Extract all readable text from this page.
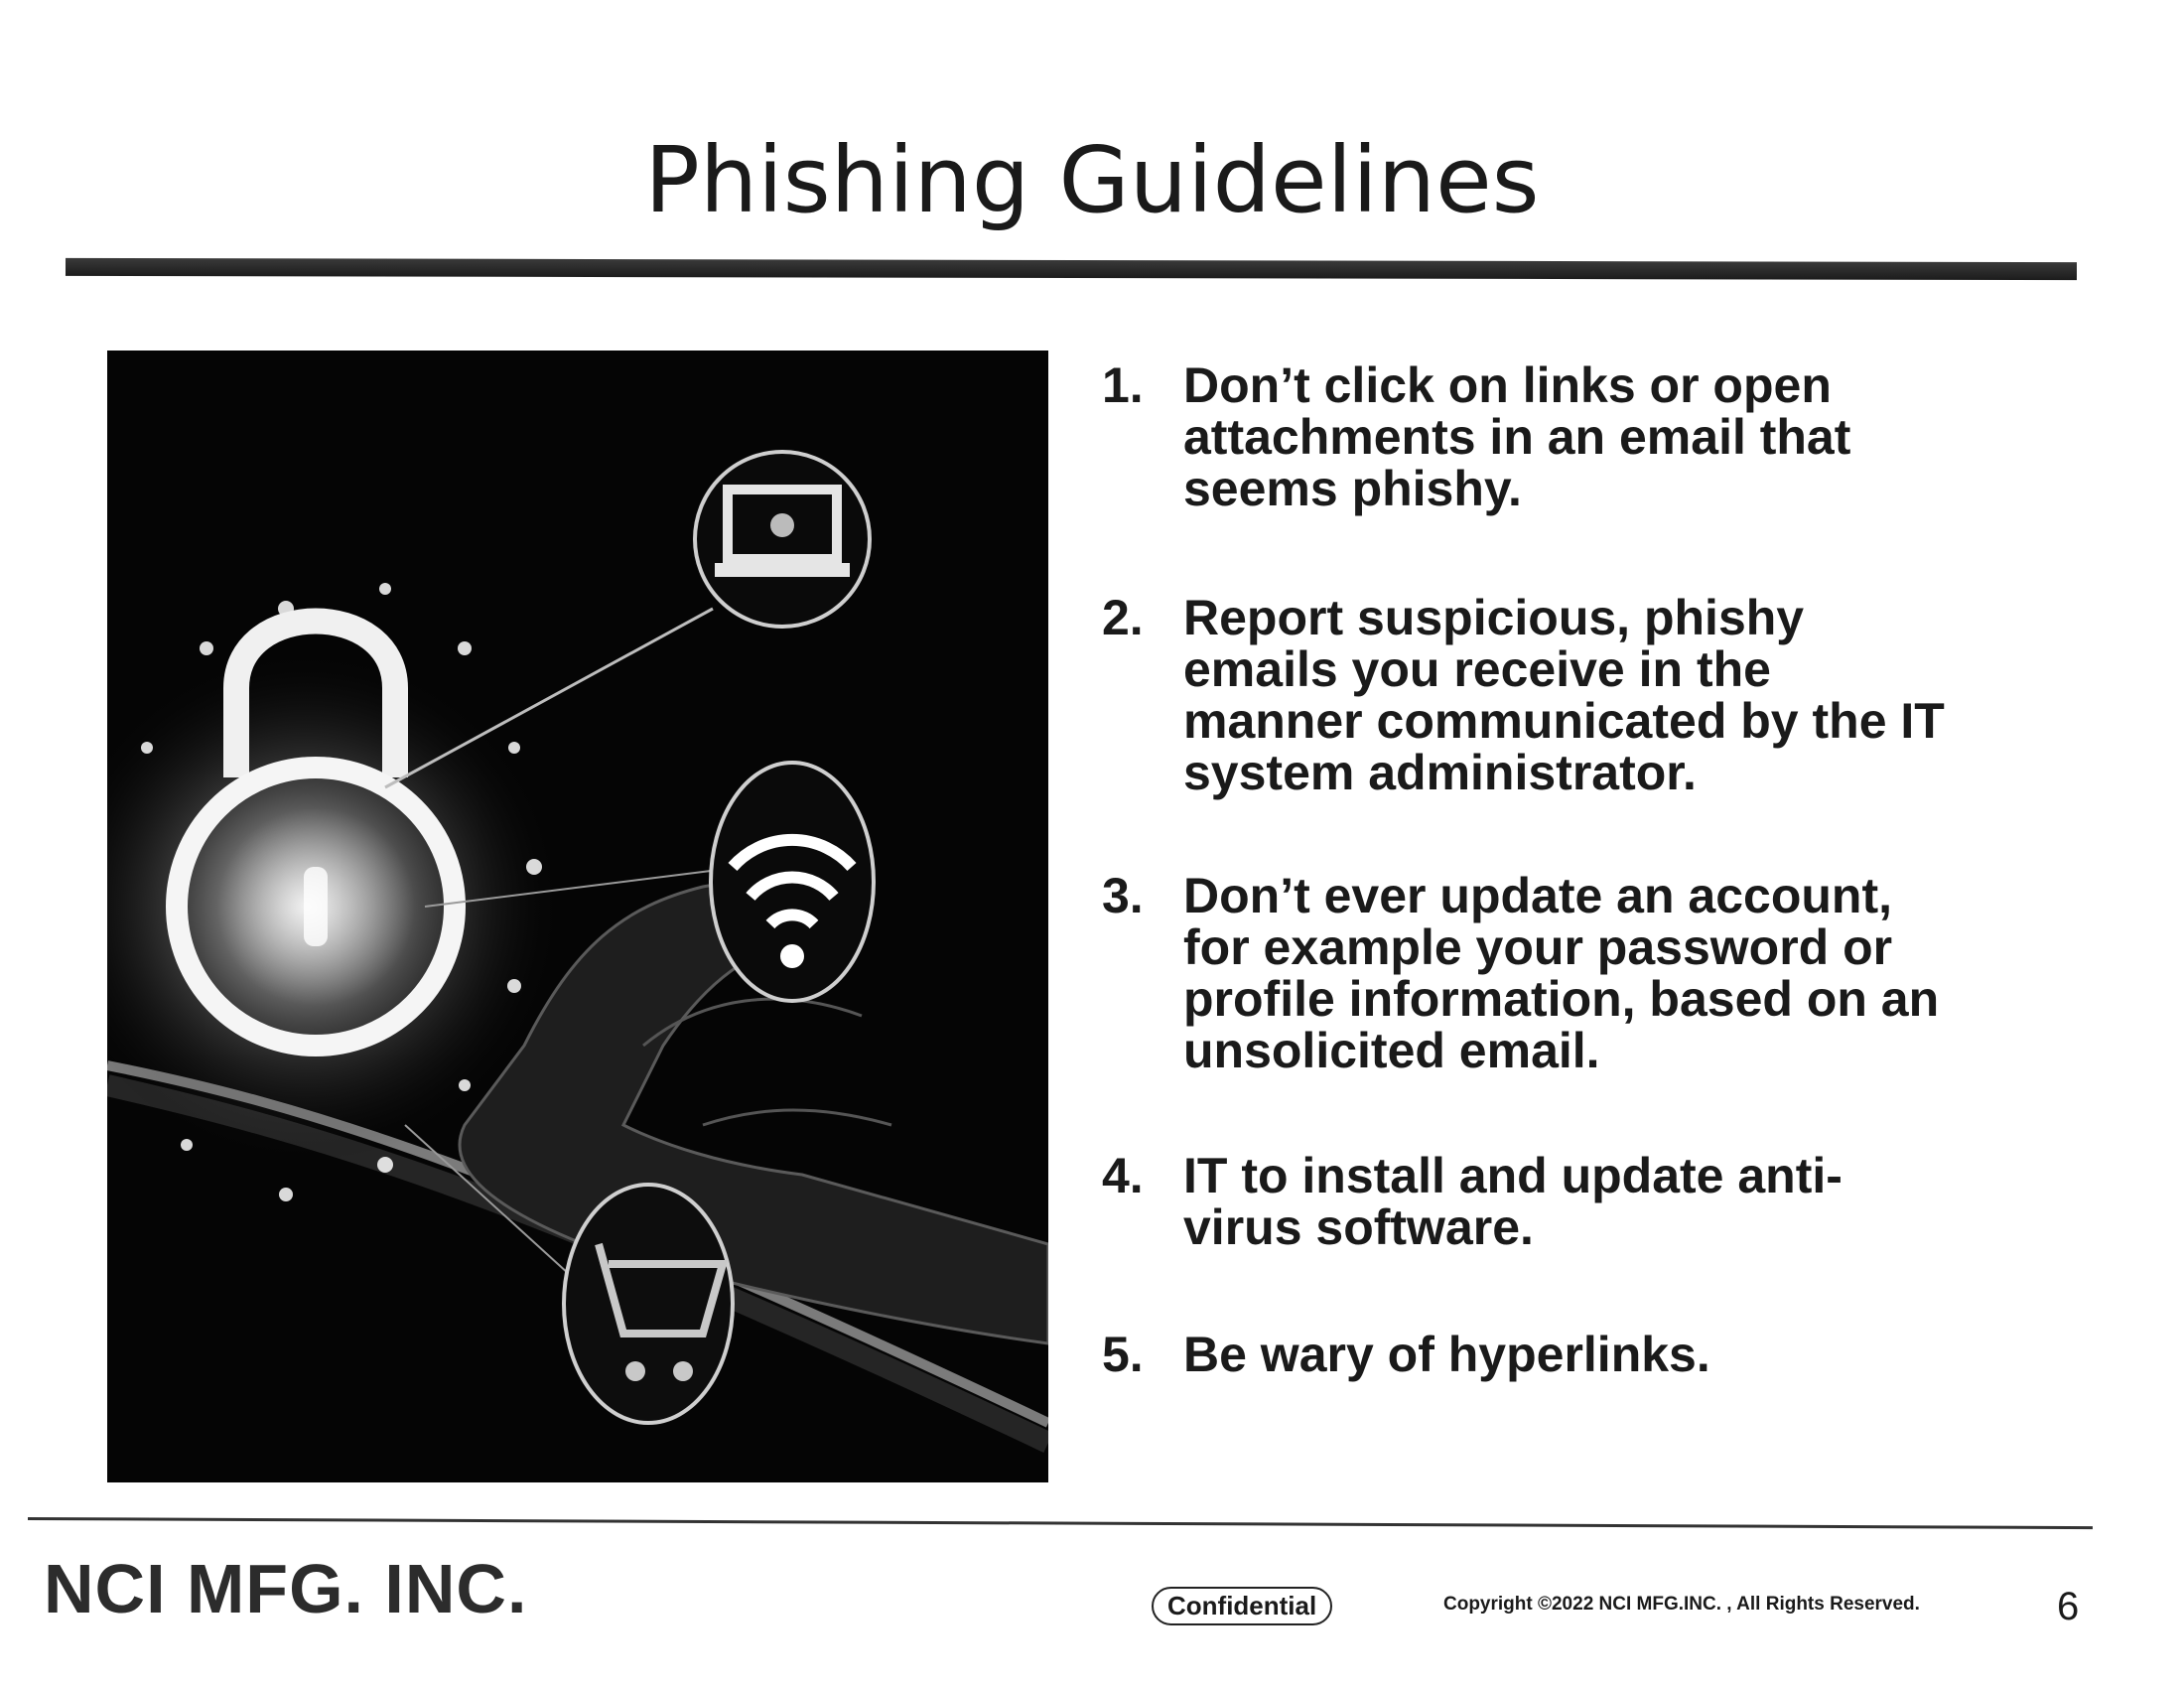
Phishing Guidelines
1. Don’t click on links or open
attachments in an email that
seems phishy.
2. Report suspicious, phishy
emails you receive in the
manner communicated by the IT
system administrator.
3. Don’t ever update an account,
for example your password or
profile information, based on an
unsolicited email.
4. IT to install and update anti-
virus software.
5. Be wary of hyperlinks.
NCI MFG. INC.	Confidential	Copyright ©2022 NCI MFG.INC. , All Rights Reserved.	6
